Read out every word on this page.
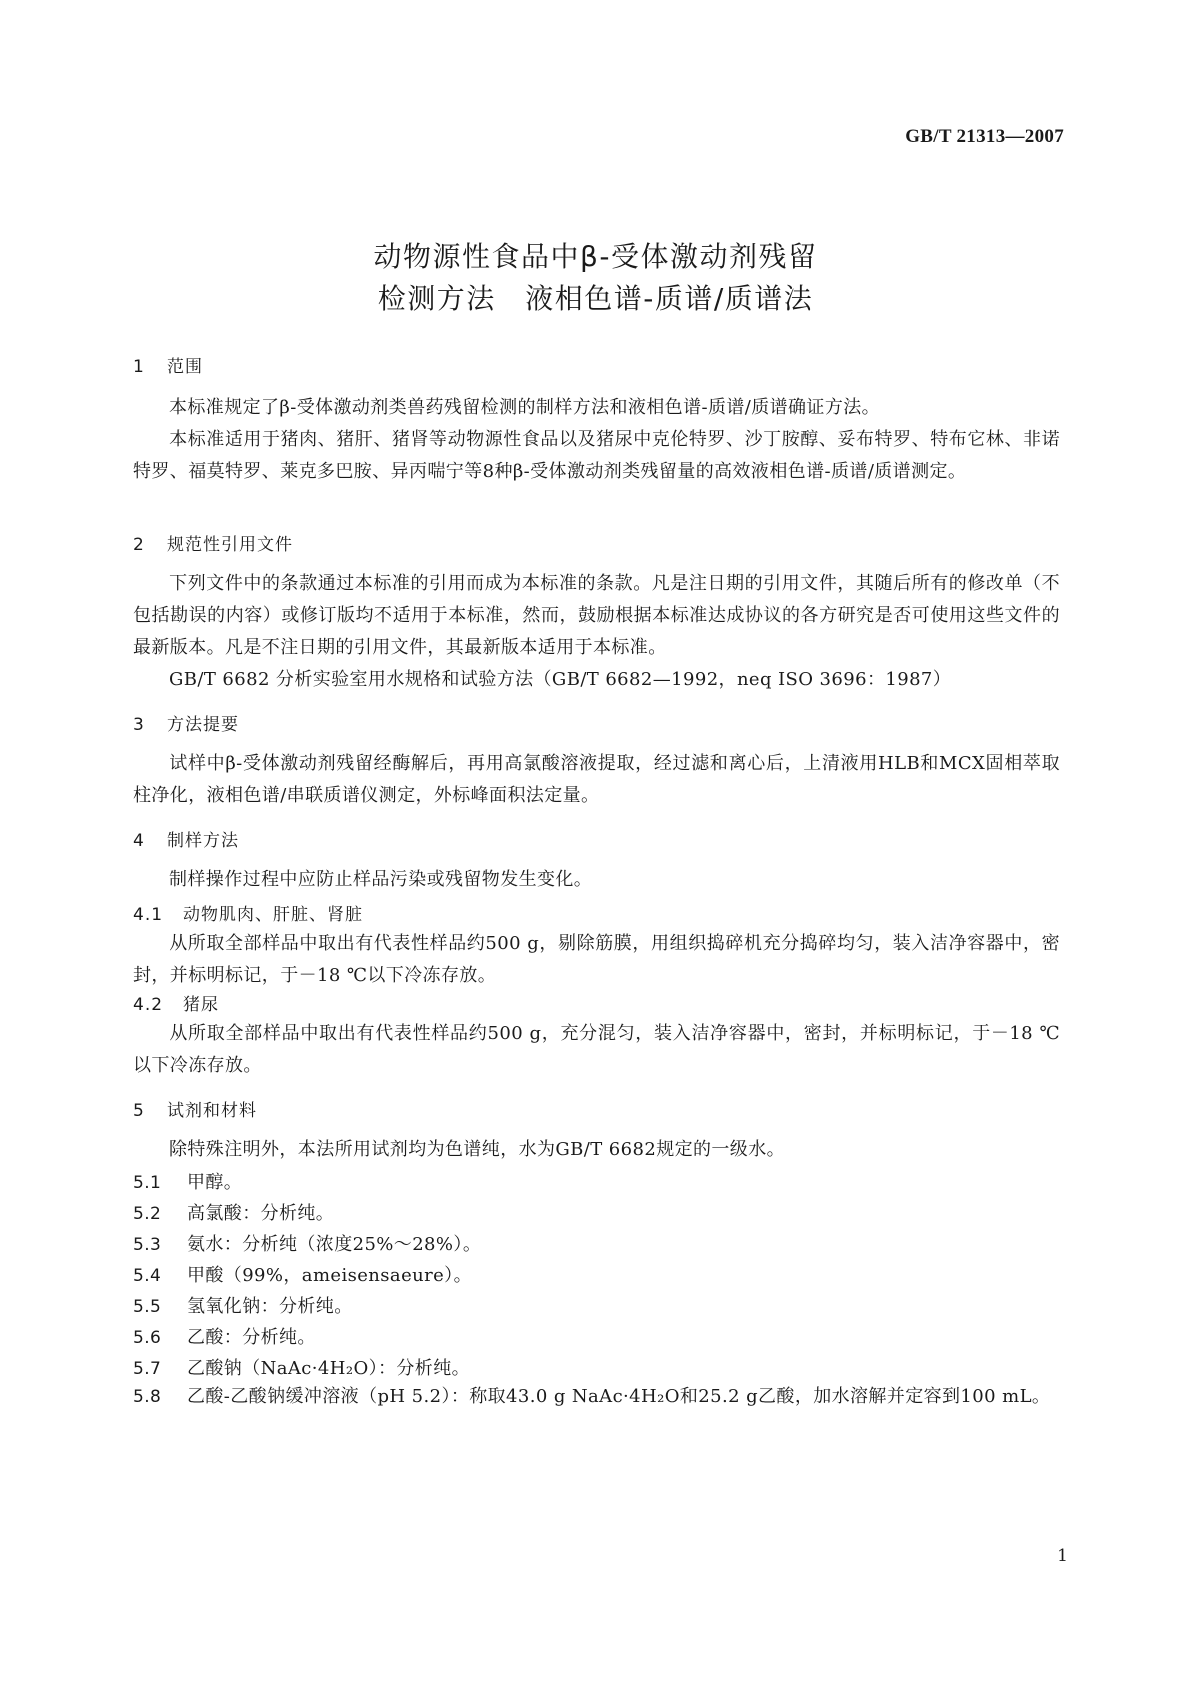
GB/T 21313—2007
动物源性食品中β-受体激动剂残留
检测方法　液相色谱-质谱/质谱法
1 范围
本标准规定了β-受体激动剂类兽药残留检测的制样方法和液相色谱-质谱/质谱确证方法。
本标准适用于猪肉、猪肝、猪肾等动物源性食品以及猪尿中克伦特罗、沙丁胺醇、妥布特罗、特布它林、非诺特罗、福莫特罗、莱克多巴胺、异丙喘宁等8种β-受体激动剂类残留量的高效液相色谱-质谱/质谱测定。
2 规范性引用文件
下列文件中的条款通过本标准的引用而成为本标准的条款。凡是注日期的引用文件，其随后所有的修改单（不包括勘误的内容）或修订版均不适用于本标准，然而，鼓励根据本标准达成协议的各方研究是否可使用这些文件的最新版本。凡是不注日期的引用文件，其最新版本适用于本标准。
GB/T 6682 分析实验室用水规格和试验方法（GB/T 6682—1992，neq ISO 3696：1987）
3 方法提要
试样中β-受体激动剂残留经酶解后，再用高氯酸溶液提取，经过滤和离心后，上清液用HLB和MCX固相萃取柱净化，液相色谱/串联质谱仪测定，外标峰面积法定量。
4 制样方法
制样操作过程中应防止样品污染或残留物发生变化。
4.1 动物肌肉、肝脏、肾脏
从所取全部样品中取出有代表性样品约500 g，剔除筋膜，用组织捣碎机充分捣碎均匀，装入洁净容器中，密封，并标明标记，于－18 ℃以下冷冻存放。
4.2 猪尿
从所取全部样品中取出有代表性样品约500 g，充分混匀，装入洁净容器中，密封，并标明标记，于－18 ℃以下冷冻存放。
5 试剂和材料
除特殊注明外，本法所用试剂均为色谱纯，水为GB/T 6682规定的一级水。
5.1 甲醇。
5.2 高氯酸：分析纯。
5.3 氨水：分析纯（浓度25%～28%）。
5.4 甲酸（99%，ameisensaeure）。
5.5 氢氧化钠：分析纯。
5.6 乙酸：分析纯。
5.7 乙酸钠（NaAc·4H₂O）：分析纯。
5.8 乙酸-乙酸钠缓冲溶液（pH 5.2）：称取43.0 g NaAc·4H₂O和25.2 g乙酸，加水溶解并定容到100 mL。
1
